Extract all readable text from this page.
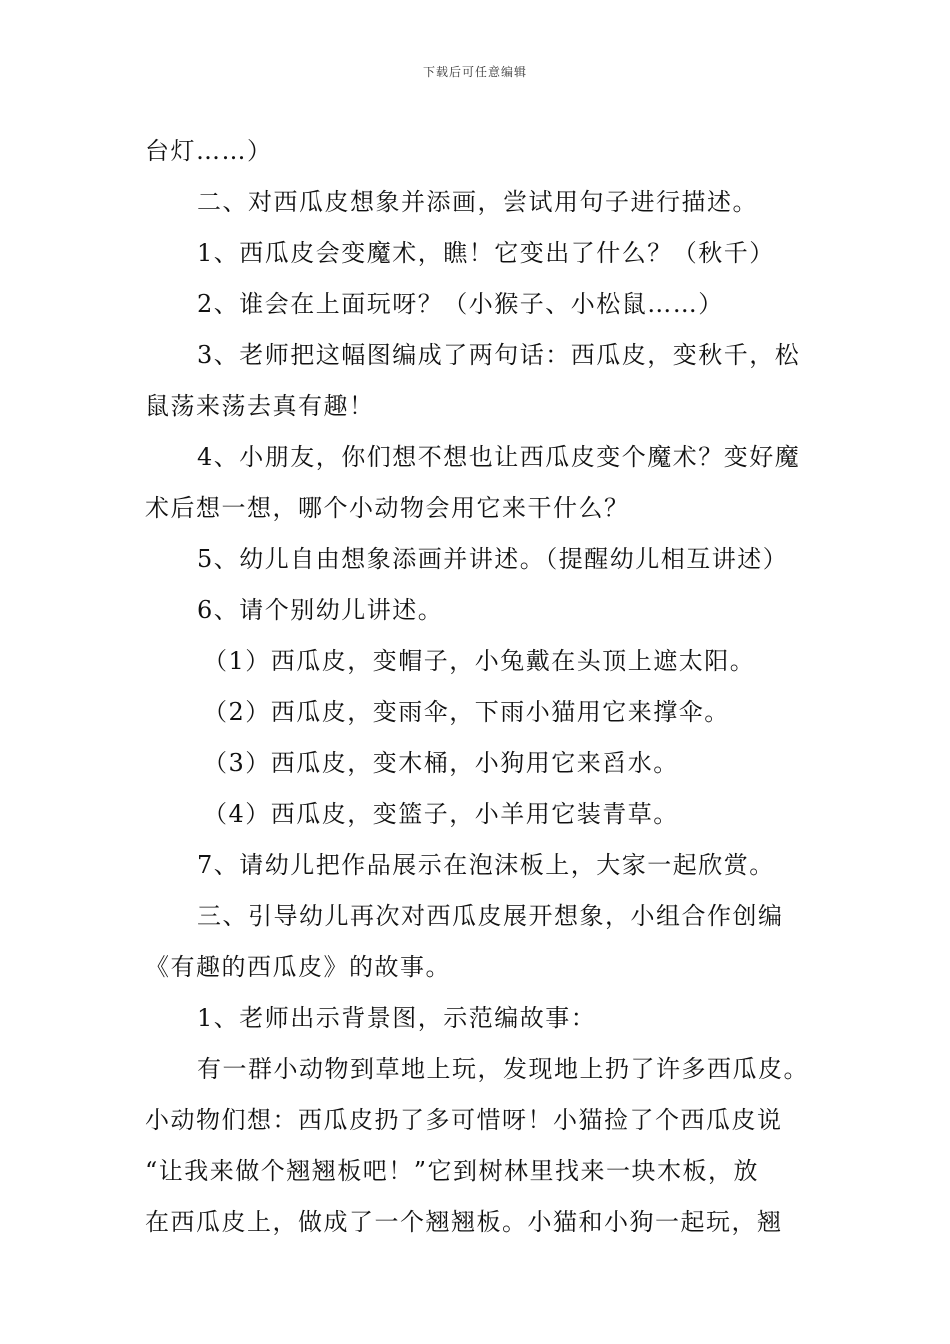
下载后可任意编辑
台灯……）
二、对西瓜皮想象并添画，尝试用句子进行描述。
1、西瓜皮会变魔术，瞧！它变出了什么？（秋千）
2、谁会在上面玩呀？（小猴子、小松鼠……）
3、老师把这幅图编成了两句话：西瓜皮，变秋千，松
鼠荡来荡去真有趣！
4、小朋友，你们想不想也让西瓜皮变个魔术？变好魔
术后想一想，哪个小动物会用它来干什么？
5、幼儿自由想象添画并讲述。（提醒幼儿相互讲述）
6、请个别幼儿讲述。
（1）西瓜皮，变帽子，小兔戴在头顶上遮太阳。
（2）西瓜皮，变雨伞，下雨小猫用它来撑伞。
（3）西瓜皮，变木桶，小狗用它来舀水。
（4）西瓜皮，变篮子，小羊用它装青草。
7、请幼儿把作品展示在泡沫板上，大家一起欣赏。
三、引导幼儿再次对西瓜皮展开想象，小组合作创编
《有趣的西瓜皮》的故事。
1、老师出示背景图，示范编故事：
有一群小动物到草地上玩，发现地上扔了许多西瓜皮。
小动物们想：西瓜皮扔了多可惜呀！小猫捡了个西瓜皮说
“让我来做个翘翘板吧！”它到树林里找来一块木板，放
在西瓜皮上，做成了一个翘翘板。小猫和小狗一起玩，翘
